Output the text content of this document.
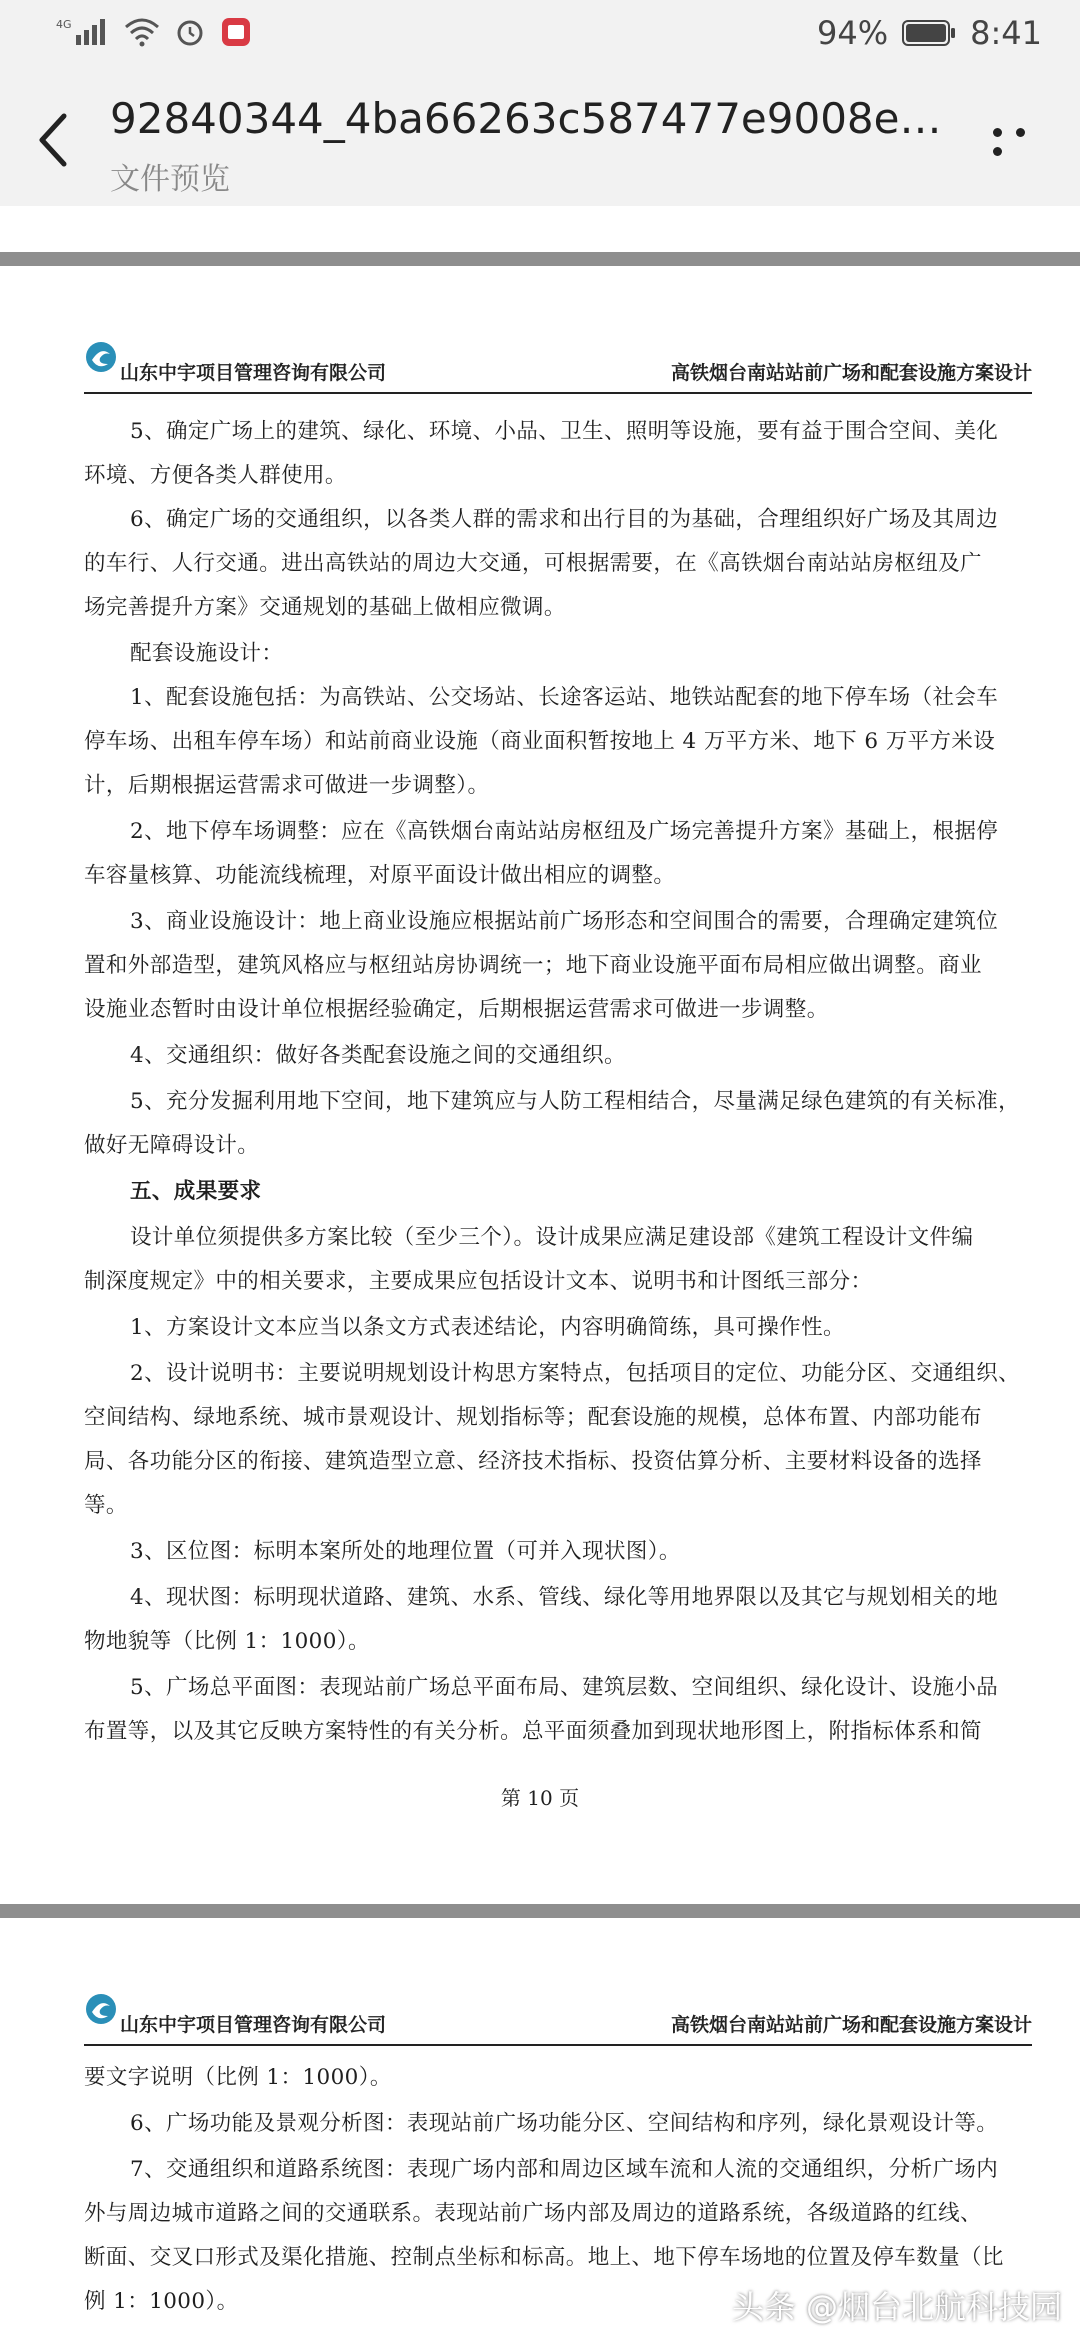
4G	94%	8:41
92840344_4ba66263c587477e9008e…
文件预览
山东中宇项目管理咨询有限公司	高铁烟台南站站前广场和配套设施方案设计
5、确定广场上的建筑、绿化、环境、小品、卫生、照明等设施，要有益于围合空间、美化
环境、方便各类人群使用。
6、确定广场的交通组织，以各类人群的需求和出行目的为基础，合理组织好广场及其周边
的车行、人行交通。进出高铁站的周边大交通，可根据需要，在《高铁烟台南站站房枢纽及广
场完善提升方案》交通规划的基础上做相应微调。
配套设施设计：
1、配套设施包括：为高铁站、公交场站、长途客运站、地铁站配套的地下停车场（社会车
停车场、出租车停车场）和站前商业设施（商业面积暂按地上 4 万平方米、地下 6 万平方米设
计，后期根据运营需求可做进一步调整）。
2、地下停车场调整：应在《高铁烟台南站站房枢纽及广场完善提升方案》基础上，根据停
车容量核算、功能流线梳理，对原平面设计做出相应的调整。
3、商业设施设计：地上商业设施应根据站前广场形态和空间围合的需要，合理确定建筑位
置和外部造型，建筑风格应与枢纽站房协调统一；地下商业设施平面布局相应做出调整。商业
设施业态暂时由设计单位根据经验确定，后期根据运营需求可做进一步调整。
4、交通组织：做好各类配套设施之间的交通组织。
5、充分发掘利用地下空间，地下建筑应与人防工程相结合，尽量满足绿色建筑的有关标准，
做好无障碍设计。
五、成果要求
设计单位须提供多方案比较（至少三个）。设计成果应满足建设部《建筑工程设计文件编
制深度规定》中的相关要求，主要成果应包括设计文本、说明书和计图纸三部分：
1、方案设计文本应当以条文方式表述结论，内容明确简练，具可操作性。
2、设计说明书：主要说明规划设计构思方案特点，包括项目的定位、功能分区、交通组织、
空间结构、绿地系统、城市景观设计、规划指标等；配套设施的规模，总体布置、内部功能布
局、各功能分区的衔接、建筑造型立意、经济技术指标、投资估算分析、主要材料设备的选择
等。
3、区位图：标明本案所处的地理位置（可并入现状图）。
4、现状图：标明现状道路、建筑、水系、管线、绿化等用地界限以及其它与规划相关的地
物地貌等（比例 1：1000）。
5、广场总平面图：表现站前广场总平面布局、建筑层数、空间组织、绿化设计、设施小品
布置等，以及其它反映方案特性的有关分析。总平面须叠加到现状地形图上，附指标体系和简
第 10 页
山东中宇项目管理咨询有限公司	高铁烟台南站站前广场和配套设施方案设计
要文字说明（比例 1：1000）。
6、广场功能及景观分析图：表现站前广场功能分区、空间结构和序列，绿化景观设计等。
7、交通组织和道路系统图：表现广场内部和周边区域车流和人流的交通组织，分析广场内
外与周边城市道路之间的交通联系。表现站前广场内部及周边的道路系统，各级道路的红线、
断面、交叉口形式及渠化措施、控制点坐标和标高。地上、地下停车场地的位置及停车数量（比
例 1：1000）。	头条 @烟台北航科技园
